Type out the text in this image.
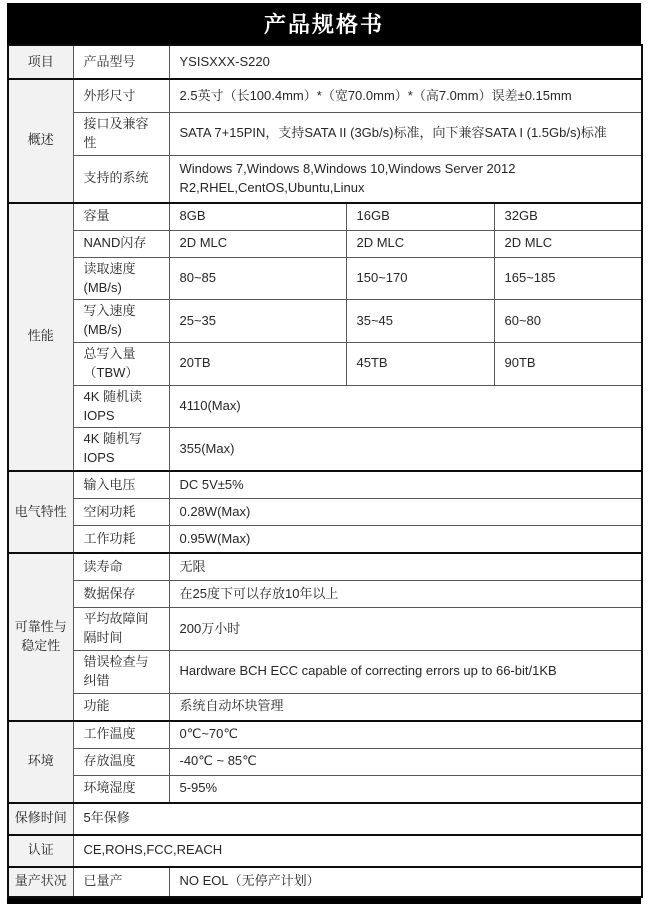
产品规格书
项目	产品型号	YSISXXX-S220		
概述	外形尺寸	2.5英寸（长100.4mm）*（宽70.0mm）*（高7.0mm）误差±0.15mm		
	接口及兼容性	SATA 7+15PIN，支持SATA II (3Gb/s)标准，向下兼容SATA I (1.5Gb/s)标准		
	支持的系统	Windows 7,Windows 8,Windows 10,Windows Server 2012 R2,RHEL,CentOS,Ubuntu,Linux		
性能	容量	8GB	16GB	32GB
	NAND闪存	2D MLC	2D MLC	2D MLC
	读取速度(MB/s)	80~85	150~170	165~185
	写入速度(MB/s)	25~35	35~45	60~80
	总写入量（TBW）	20TB	45TB	90TB
	4K 随机读IOPS	4110(Max)		
	4K 随机写IOPS	355(Max)		
电气特性	输入电压	DC 5V±5%		
	空闲功耗	0.28W(Max)		
	工作功耗	0.95W(Max)		
可靠性与稳定性	读寿命	无限		
	数据保存	在25度下可以存放10年以上		
	平均故障间隔时间	200万小时		
	错误检查与纠错	Hardware BCH ECC capable of correcting errors up to 66-bit/1KB		
	功能	系统自动坏块管理		
环境	工作温度	0℃~70℃		
	存放温度	-40℃ ~ 85℃		
	环境湿度	5-95%		
保修时间	5年保修			
认证	CE,ROHS,FCC,REACH			
量产状况	已量产	NO EOL（无停产计划）		
